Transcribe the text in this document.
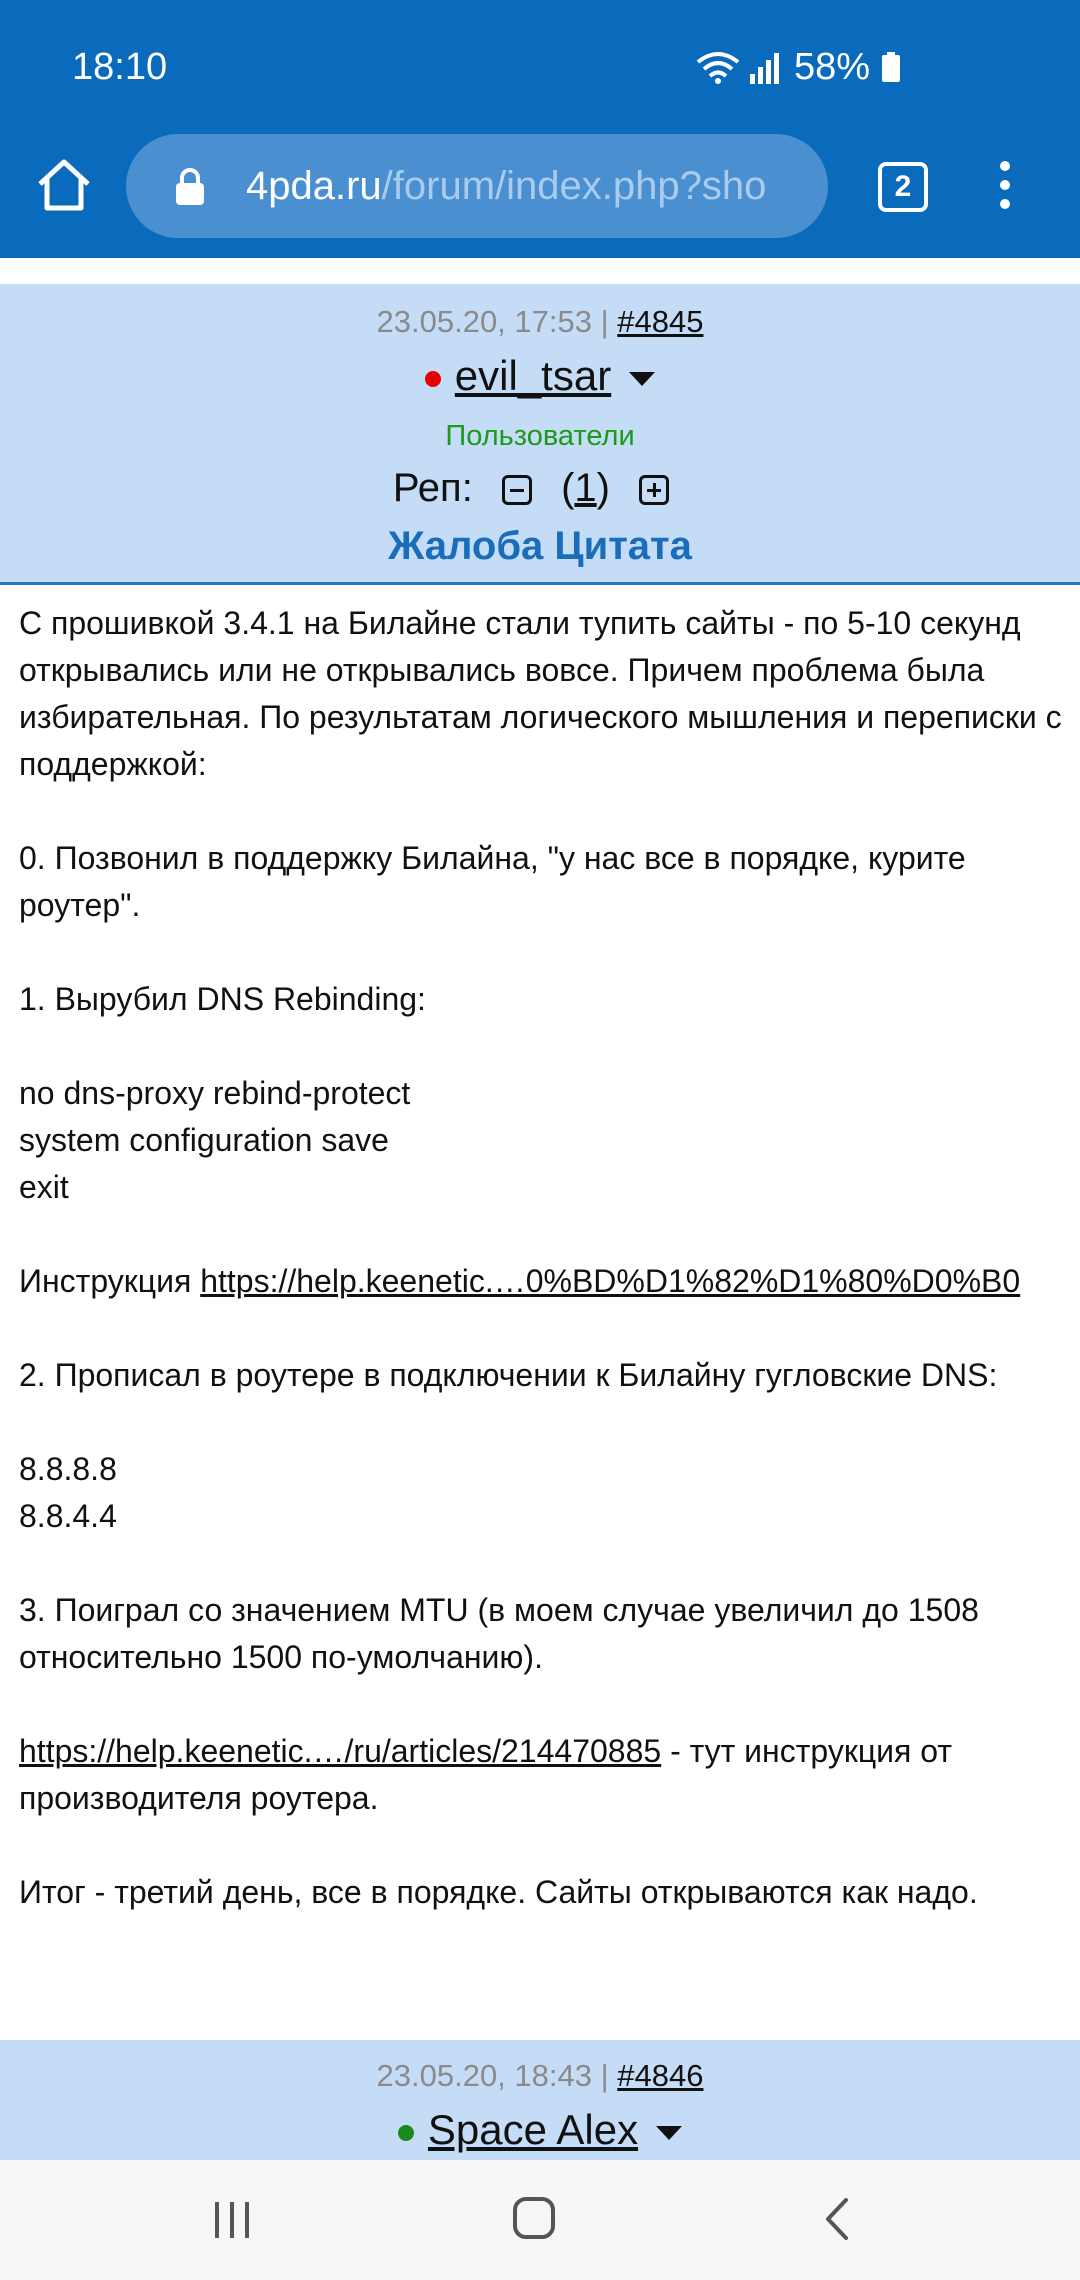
18:10	58%
4pda.ru /forum/index.php?sho	2
23.05.20, 17:53 | #4845
evil_tsar
Пользователи
Реп: (1)
Жалоба Цитата

С прошивкой 3.4.1 на Билайне стали тупить сайты - по 5-10 секунд открывались или не открывались вовсе. Причем проблема была избирательная. По результатам логического мышления и переписки с поддержкой:

0. Позвонил в поддержку Билайна, "у нас все в порядке, курите роутер".

1. Вырубил DNS Rebinding:

no dns-proxy rebind-protect

system configuration save

exit

Инструкция https://help.keenetic.…0%BD%D1%82%D1%80%D0%B0

2. Прописал в роутере в подключении к Билайну гугловские DNS:

8.8.8.8

8.8.4.4

3. Поиграл со значением MTU (в моем случае увеличил до 1508 относительно 1500 по-умолчанию).

https://help.keenetic.…/ru/articles/214470885 - тут инструкция от производителя роутера.

Итог - третий день, все в порядке. Сайты открываются как надо.

23.05.20, 18:43 | #4846
Space Alex
